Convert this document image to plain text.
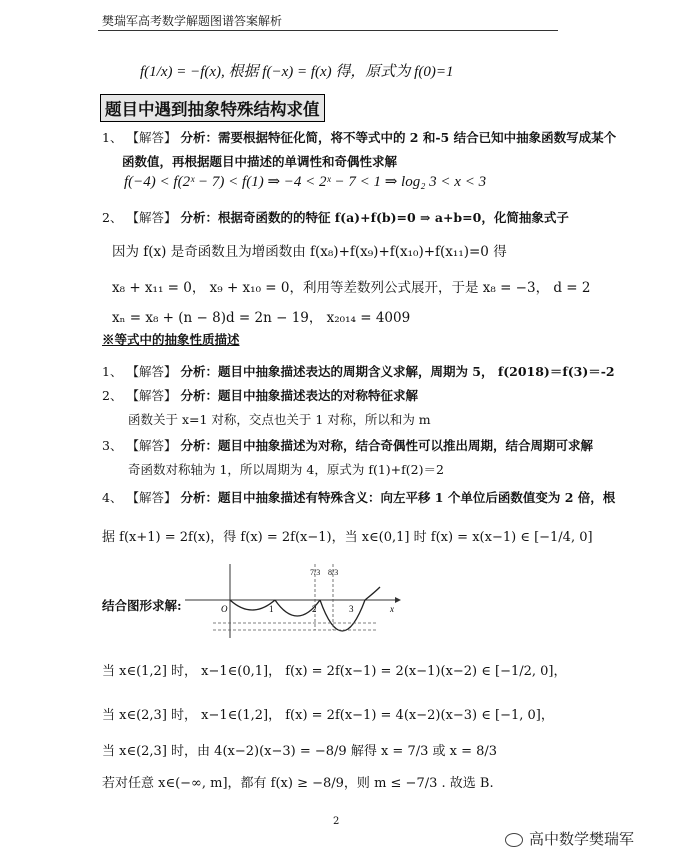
樊瑞军高考数学解题图谱答案解析
f(1/x) = −f(x), 根据 f(−x) = f(x) 得，原式为 f(0)=1
题目中遇到抽象特殊结构求值
1、 【解答】 分析：需要根据特征化简，将不等式中的 2 和-5 结合已知中抽象函数写成某个
函数值，再根据题目中描述的单调性和奇偶性求解
f(−4) < f(2ˣ − 7) < f(1) ⇒ −4 < 2ˣ − 7 < 1 ⇒ log₂ 3 < x < 3
2、 【解答】 分析：根据奇函数的的特征 f(a)+f(b)=0 ⇒ a+b=0，化简抽象式子
因为 f(x) 是奇函数且为增函数由 f(x₈)+f(x₉)+f(x₁₀)+f(x₁₁)=0 得
x₈ + x₁₁ = 0， x₉ + x₁₀ = 0，利用等差数列公式展开，于是 x₈ = −3， d = 2
xₙ = x₈ + (n − 8)d = 2n − 19， x₂₀₁₄ = 4009
※等式中的抽象性质描述
1、 【解答】 分析：题目中抽象描述表达的周期含义求解，周期为 5， f(2018)＝f(3)＝-2
2、 【解答】 分析：题目中抽象描述表达的对称特征求解
函数关于 x=1 对称，交点也关于 1 对称，所以和为 m
3、 【解答】 分析：题目中抽象描述为对称，结合奇偶性可以推出周期，结合周期可求解
奇函数对称轴为 1，所以周期为 4，原式为 f(1)+f(2)＝2
4、 【解答】 分析：题目中抽象描述有特殊含义：向左平移 1 个单位后函数值变为 2 倍，根
据 f(x+1) = 2f(x)，得 f(x) = 2f(x−1)，当 x∈(0,1] 时 f(x) = x(x−1) ∈ [−1/4, 0]
结合图形求解:	O	1	2	3	x
7/3 8/3
当 x∈(1,2] 时， x−1∈(0,1]， f(x) = 2f(x−1) = 2(x−1)(x−2) ∈ [−1/2, 0]，
当 x∈(2,3] 时， x−1∈(1,2]， f(x) = 2f(x−1) = 4(x−2)(x−3) ∈ [−1, 0]，
当 x∈(2,3] 时，由 4(x−2)(x−3) = −8/9 解得 x = 7/3 或 x = 8/3
若对任意 x∈(−∞, m]，都有 f(x) ≥ −8/9，则 m ≤ −7/3 . 故选 B.
2
高中数学樊瑞军
